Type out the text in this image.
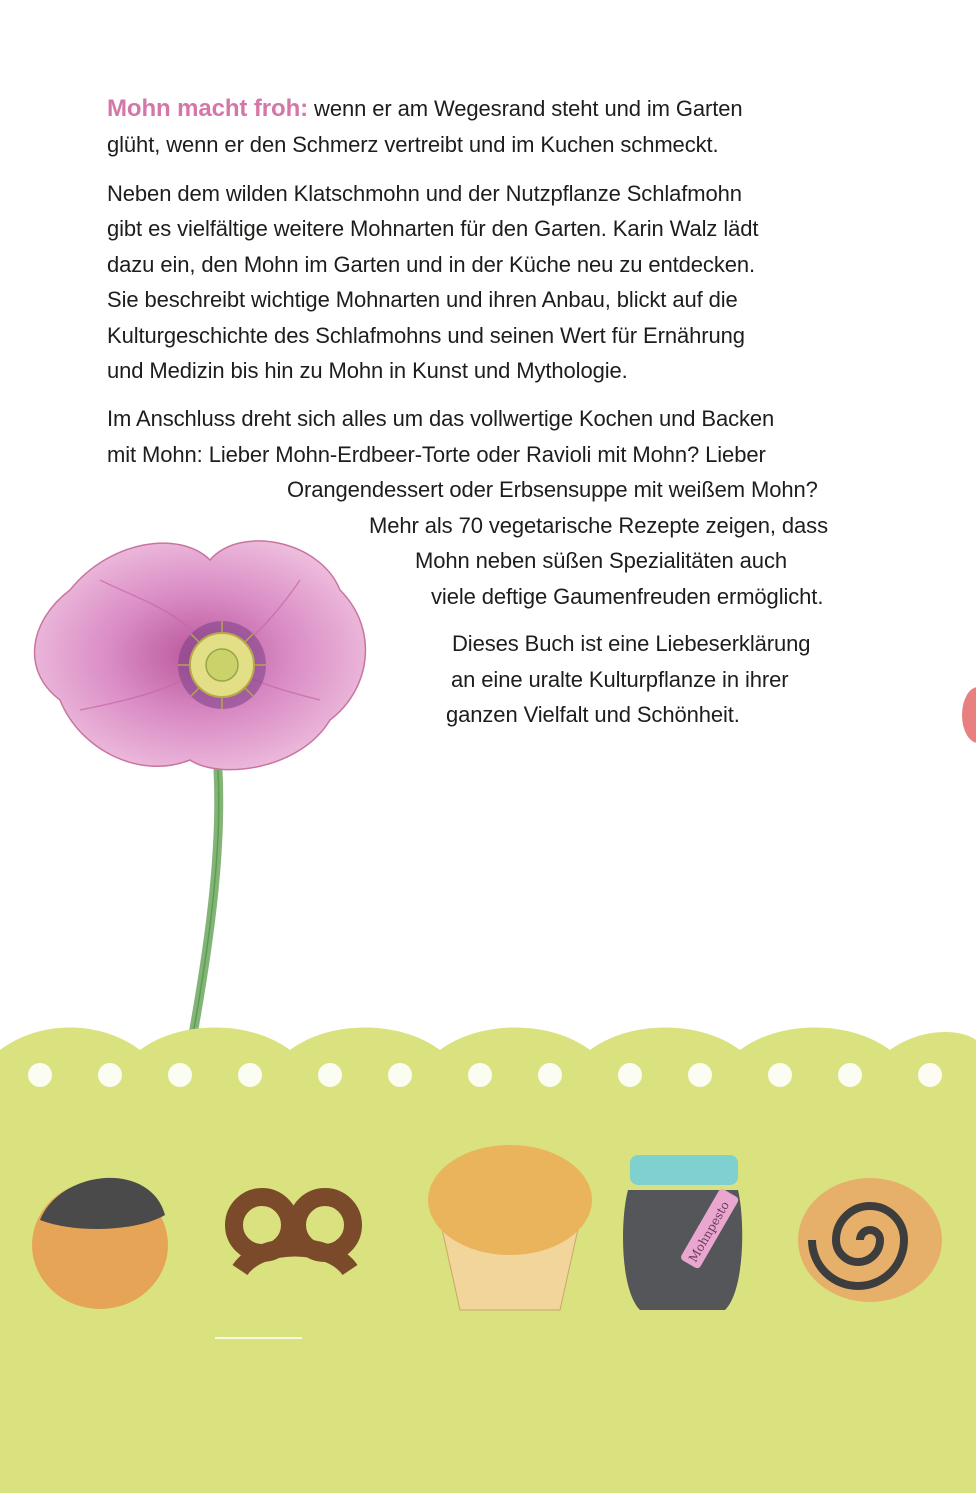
Mohn macht froh: wenn er am Wegesrand steht und im Garten
glüht, wenn er den Schmerz vertreibt und im Kuchen schmeckt.
Neben dem wilden Klatschmohn und der Nutzpflanze Schlafmohn
gibt es vielfältige weitere Mohnarten für den Garten. Karin Walz lädt
dazu ein, den Mohn im Garten und in der Küche neu zu entdecken.
Sie beschreibt wichtige Mohnarten und ihren Anbau, blickt auf die
Kulturgeschichte des Schlafmohns und seinen Wert für Ernährung
und Medizin bis hin zu Mohn in Kunst und Mythologie.
Im Anschluss dreht sich alles um das vollwertige Kochen und Backen
mit Mohn: Lieber Mohn-Erdbeer-Torte oder Ravioli mit Mohn? Lieber
Orangendessert oder Erbsensuppe mit weißem Mohn?
Mehr als 70 vegetarische Rezepte zeigen, dass
Mohn neben süßen Spezialitäten auch
viele deftige Gaumenfreuden ermöglicht.
Dieses Buch ist eine Liebeserklärung
an eine uralte Kulturpflanze in ihrer
ganzen Vielfalt und Schönheit.
Mohnpesto
